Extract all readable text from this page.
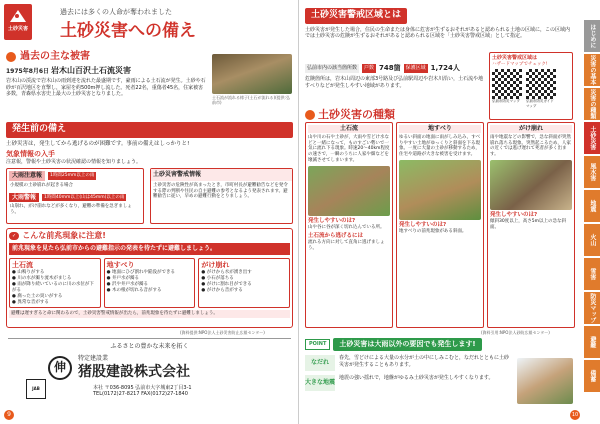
土砂災害
過去には多くの人命が奪われました
土砂災害への備え
過去の主な被害
1975年8月6日 岩木山百沢土石流災害

岩木山の渓流で岩木山の雨到達を流れた最盛期です，豪雨による土石流が発生。土砂や石砂が百沢地区を直撃し，家屋を約500m押し流した。死者22名，重傷者45名，住家被害多数，青森県水害史上最大の土砂災害となりました。

土石流が流れる様子(土石が流れる)(提供:弘前市)
発生前の備え

土砂災害は，発生してから逃げるのが困難です。事前の備えはしっかりと!

気象情報の入手

注意報，警報や土砂災害の状況確認の情報を知りましょう。

大雨注意報	1時間25mm以上の雨

小規模の土砂崩れが起きる場合

大雨警報	1時間40mm以上(山は45mm)以上の雨

山崩れ，がけ崩れなどが多くなり，避難の準備を急ぎましょう。

土砂災害警戒情報

土砂災害の危険性が高まったとき，市町村長が避難勧告などを発令する際の判断や住民の自主避難の参考となるよう発表されます。避難勧告に従い，早めの避難行動をとりましょう。

✓ こんな前兆現象に注意!
前兆現象を見たら弘前市からの避難指示の発表を待たずに避難しましょう。
土石流
● 山鳴りがする
● 川の水が濁り流木がまじる
● 雨が降り続いているのに川の水位が下がる
● 腐った土の臭いがする
● 異常な音がする
地すべり
● 地面にひび割れや陥没ができる
● 井戸水が濁る
● 沢や井戸水が濁る
● 木の根が切れる音がする
がけ崩れ
● がけから水が湧き出す
● 小石が落ちる
● がけに割れ目ができる
● がけから音がする
避難は遅すぎると命に関わるので，土砂災害警戒情報が出たら，前兆現象を待たずに避難しましょう。
(資料提供:NPO法人土砂災害防止広報センター)
ふるさとの豊かな未来を拓く
伸
特定建設業
猪股建設株式会社
本社 〒036-8095 弘前市大字城東2丁目3-1
TEL(0172)27-8217 FAX(0172)27-1840
JAB
9
土砂災害警戒区域とは

土砂災害が発生した場合，住民の生命または身体に危害が生ずるおそれがあると認められる土地の区域に，この区域内では土砂災害の危険が生ずるおそれがあると認められる区域を「土砂災害警戒区域」として指定。

土砂災害警戒区域は
ハザードマップでチェック!
弘前市防災マップ	弘前市防災ガイドマップ
弘前市内の該当箇所数	戸数 748箇	保護区域 1,724人

危険箇所は，岩木山周辺の東部3号路及び弘前駅周辺や岩木川沿い，土石流や地すべりなどが発生しやすい地域があります。

土砂災害の種類
土石流

山や川の石や土砂が，大雨や雪どけ水などと一緒になって，ものすごい勢いで一気に流れ下る現象。時速20〜40km程度の速さで，一瞬のうちに人家や畑などを壊滅させてしまいます。

発生しやすいのは?

山や谷に谷が深く切れ込んでいる所。

土石流から逃げるには

流れる方向に対して直角に逃げましょう。

地すべり

ゆるい斜面の地面に雨がしみ込み，すべりやすい土地がゆっくりと斜面を下る現象。一度に大量の土砂が移動するため，住宅や道路が大きな被害を受けます。

発生しやすいのは?

地すべりの前兆現象がある斜面。

がけ崩れ

雨や地震などの影響で，急な斜面が突然崩れ落ちる現象。突然起こるため，人家の近くでは逃げ遅れて死者が多く出ます。

発生しやすいのは?

傾斜30度以上，高さ5m以上の急な斜面。

(資料引用:NPO法人砂防広報センター)
POINT	土砂災害は大雨以外の要因でも発生します!
なだれ

春先，雪どけによる大量の水分が土の中にしみこむと，なだれとともに土砂災害が発生することもあります。

大きな地震

地震の強い揺れで，地盤がゆるみ土砂災害が発生しやすくなります。

はじめに
災害の基本
災害の種類
土砂災害
風水害
地震
火山
雪害
防災マップ
避難
備蓄
10
